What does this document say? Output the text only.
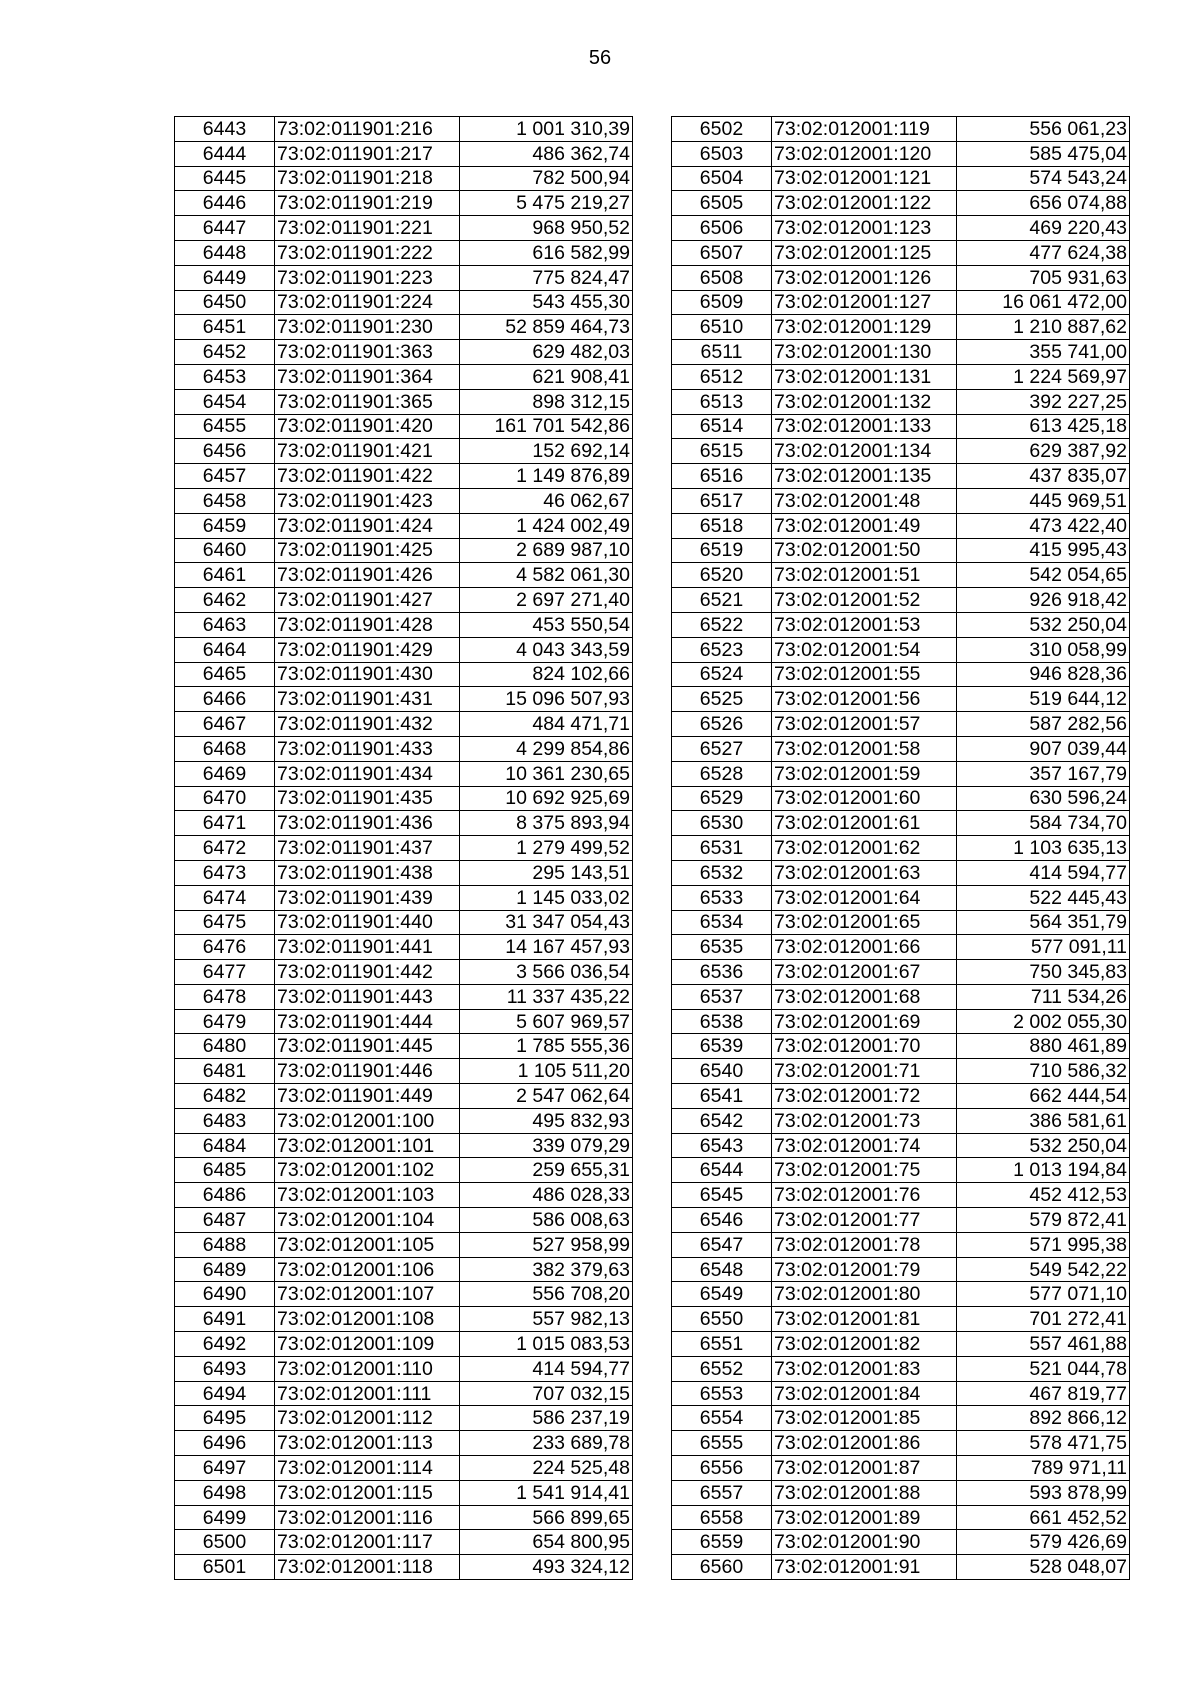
56
6443	73:02:011901:216	1 001 310,39
6444	73:02:011901:217	486 362,74
6445	73:02:011901:218	782 500,94
6446	73:02:011901:219	5 475 219,27
6447	73:02:011901:221	968 950,52
6448	73:02:011901:222	616 582,99
6449	73:02:011901:223	775 824,47
6450	73:02:011901:224	543 455,30
6451	73:02:011901:230	52 859 464,73
6452	73:02:011901:363	629 482,03
6453	73:02:011901:364	621 908,41
6454	73:02:011901:365	898 312,15
6455	73:02:011901:420	161 701 542,86
6456	73:02:011901:421	152 692,14
6457	73:02:011901:422	1 149 876,89
6458	73:02:011901:423	46 062,67
6459	73:02:011901:424	1 424 002,49
6460	73:02:011901:425	2 689 987,10
6461	73:02:011901:426	4 582 061,30
6462	73:02:011901:427	2 697 271,40
6463	73:02:011901:428	453 550,54
6464	73:02:011901:429	4 043 343,59
6465	73:02:011901:430	824 102,66
6466	73:02:011901:431	15 096 507,93
6467	73:02:011901:432	484 471,71
6468	73:02:011901:433	4 299 854,86
6469	73:02:011901:434	10 361 230,65
6470	73:02:011901:435	10 692 925,69
6471	73:02:011901:436	8 375 893,94
6472	73:02:011901:437	1 279 499,52
6473	73:02:011901:438	295 143,51
6474	73:02:011901:439	1 145 033,02
6475	73:02:011901:440	31 347 054,43
6476	73:02:011901:441	14 167 457,93
6477	73:02:011901:442	3 566 036,54
6478	73:02:011901:443	11 337 435,22
6479	73:02:011901:444	5 607 969,57
6480	73:02:011901:445	1 785 555,36
6481	73:02:011901:446	1 105 511,20
6482	73:02:011901:449	2 547 062,64
6483	73:02:012001:100	495 832,93
6484	73:02:012001:101	339 079,29
6485	73:02:012001:102	259 655,31
6486	73:02:012001:103	486 028,33
6487	73:02:012001:104	586 008,63
6488	73:02:012001:105	527 958,99
6489	73:02:012001:106	382 379,63
6490	73:02:012001:107	556 708,20
6491	73:02:012001:108	557 982,13
6492	73:02:012001:109	1 015 083,53
6493	73:02:012001:110	414 594,77
6494	73:02:012001:111	707 032,15
6495	73:02:012001:112	586 237,19
6496	73:02:012001:113	233 689,78
6497	73:02:012001:114	224 525,48
6498	73:02:012001:115	1 541 914,41
6499	73:02:012001:116	566 899,65
6500	73:02:012001:117	654 800,95
6501	73:02:012001:118	493 324,12
6502	73:02:012001:119	556 061,23
6503	73:02:012001:120	585 475,04
6504	73:02:012001:121	574 543,24
6505	73:02:012001:122	656 074,88
6506	73:02:012001:123	469 220,43
6507	73:02:012001:125	477 624,38
6508	73:02:012001:126	705 931,63
6509	73:02:012001:127	16 061 472,00
6510	73:02:012001:129	1 210 887,62
6511	73:02:012001:130	355 741,00
6512	73:02:012001:131	1 224 569,97
6513	73:02:012001:132	392 227,25
6514	73:02:012001:133	613 425,18
6515	73:02:012001:134	629 387,92
6516	73:02:012001:135	437 835,07
6517	73:02:012001:48	445 969,51
6518	73:02:012001:49	473 422,40
6519	73:02:012001:50	415 995,43
6520	73:02:012001:51	542 054,65
6521	73:02:012001:52	926 918,42
6522	73:02:012001:53	532 250,04
6523	73:02:012001:54	310 058,99
6524	73:02:012001:55	946 828,36
6525	73:02:012001:56	519 644,12
6526	73:02:012001:57	587 282,56
6527	73:02:012001:58	907 039,44
6528	73:02:012001:59	357 167,79
6529	73:02:012001:60	630 596,24
6530	73:02:012001:61	584 734,70
6531	73:02:012001:62	1 103 635,13
6532	73:02:012001:63	414 594,77
6533	73:02:012001:64	522 445,43
6534	73:02:012001:65	564 351,79
6535	73:02:012001:66	577 091,11
6536	73:02:012001:67	750 345,83
6537	73:02:012001:68	711 534,26
6538	73:02:012001:69	2 002 055,30
6539	73:02:012001:70	880 461,89
6540	73:02:012001:71	710 586,32
6541	73:02:012001:72	662 444,54
6542	73:02:012001:73	386 581,61
6543	73:02:012001:74	532 250,04
6544	73:02:012001:75	1 013 194,84
6545	73:02:012001:76	452 412,53
6546	73:02:012001:77	579 872,41
6547	73:02:012001:78	571 995,38
6548	73:02:012001:79	549 542,22
6549	73:02:012001:80	577 071,10
6550	73:02:012001:81	701 272,41
6551	73:02:012001:82	557 461,88
6552	73:02:012001:83	521 044,78
6553	73:02:012001:84	467 819,77
6554	73:02:012001:85	892 866,12
6555	73:02:012001:86	578 471,75
6556	73:02:012001:87	789 971,11
6557	73:02:012001:88	593 878,99
6558	73:02:012001:89	661 452,52
6559	73:02:012001:90	579 426,69
6560	73:02:012001:91	528 048,07
